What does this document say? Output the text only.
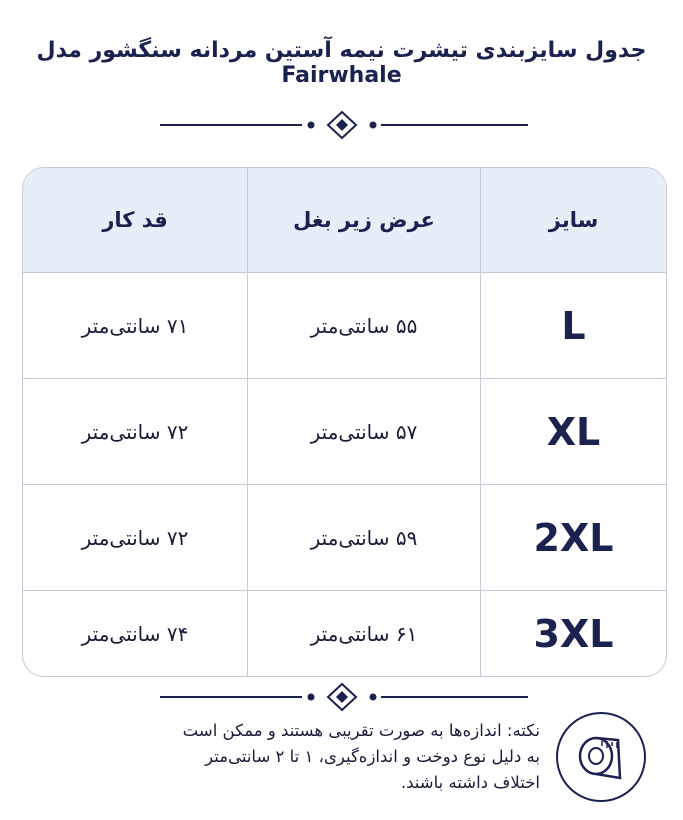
جدول سایزبندی تیشرت نیمه آستین مردانه سنگشور مدل Fairwhale
قد کار	عرض زیر بغل	سایز
۷۱ سانتی‌متر	۵۵ سانتی‌متر	L
۷۲ سانتی‌متر	۵۷ سانتی‌متر	XL
۷۲ سانتی‌متر	۵۹ سانتی‌متر	2XL
۷۴ سانتی‌متر	۶۱ سانتی‌متر	3XL
نکته: اندازه‌ها به صورت تقریبی هستند و ممکن است
به دلیل نوع دوخت و اندازه‌گیری، ۱ تا ۲ سانتی‌متر
اختلاف داشته باشند.
